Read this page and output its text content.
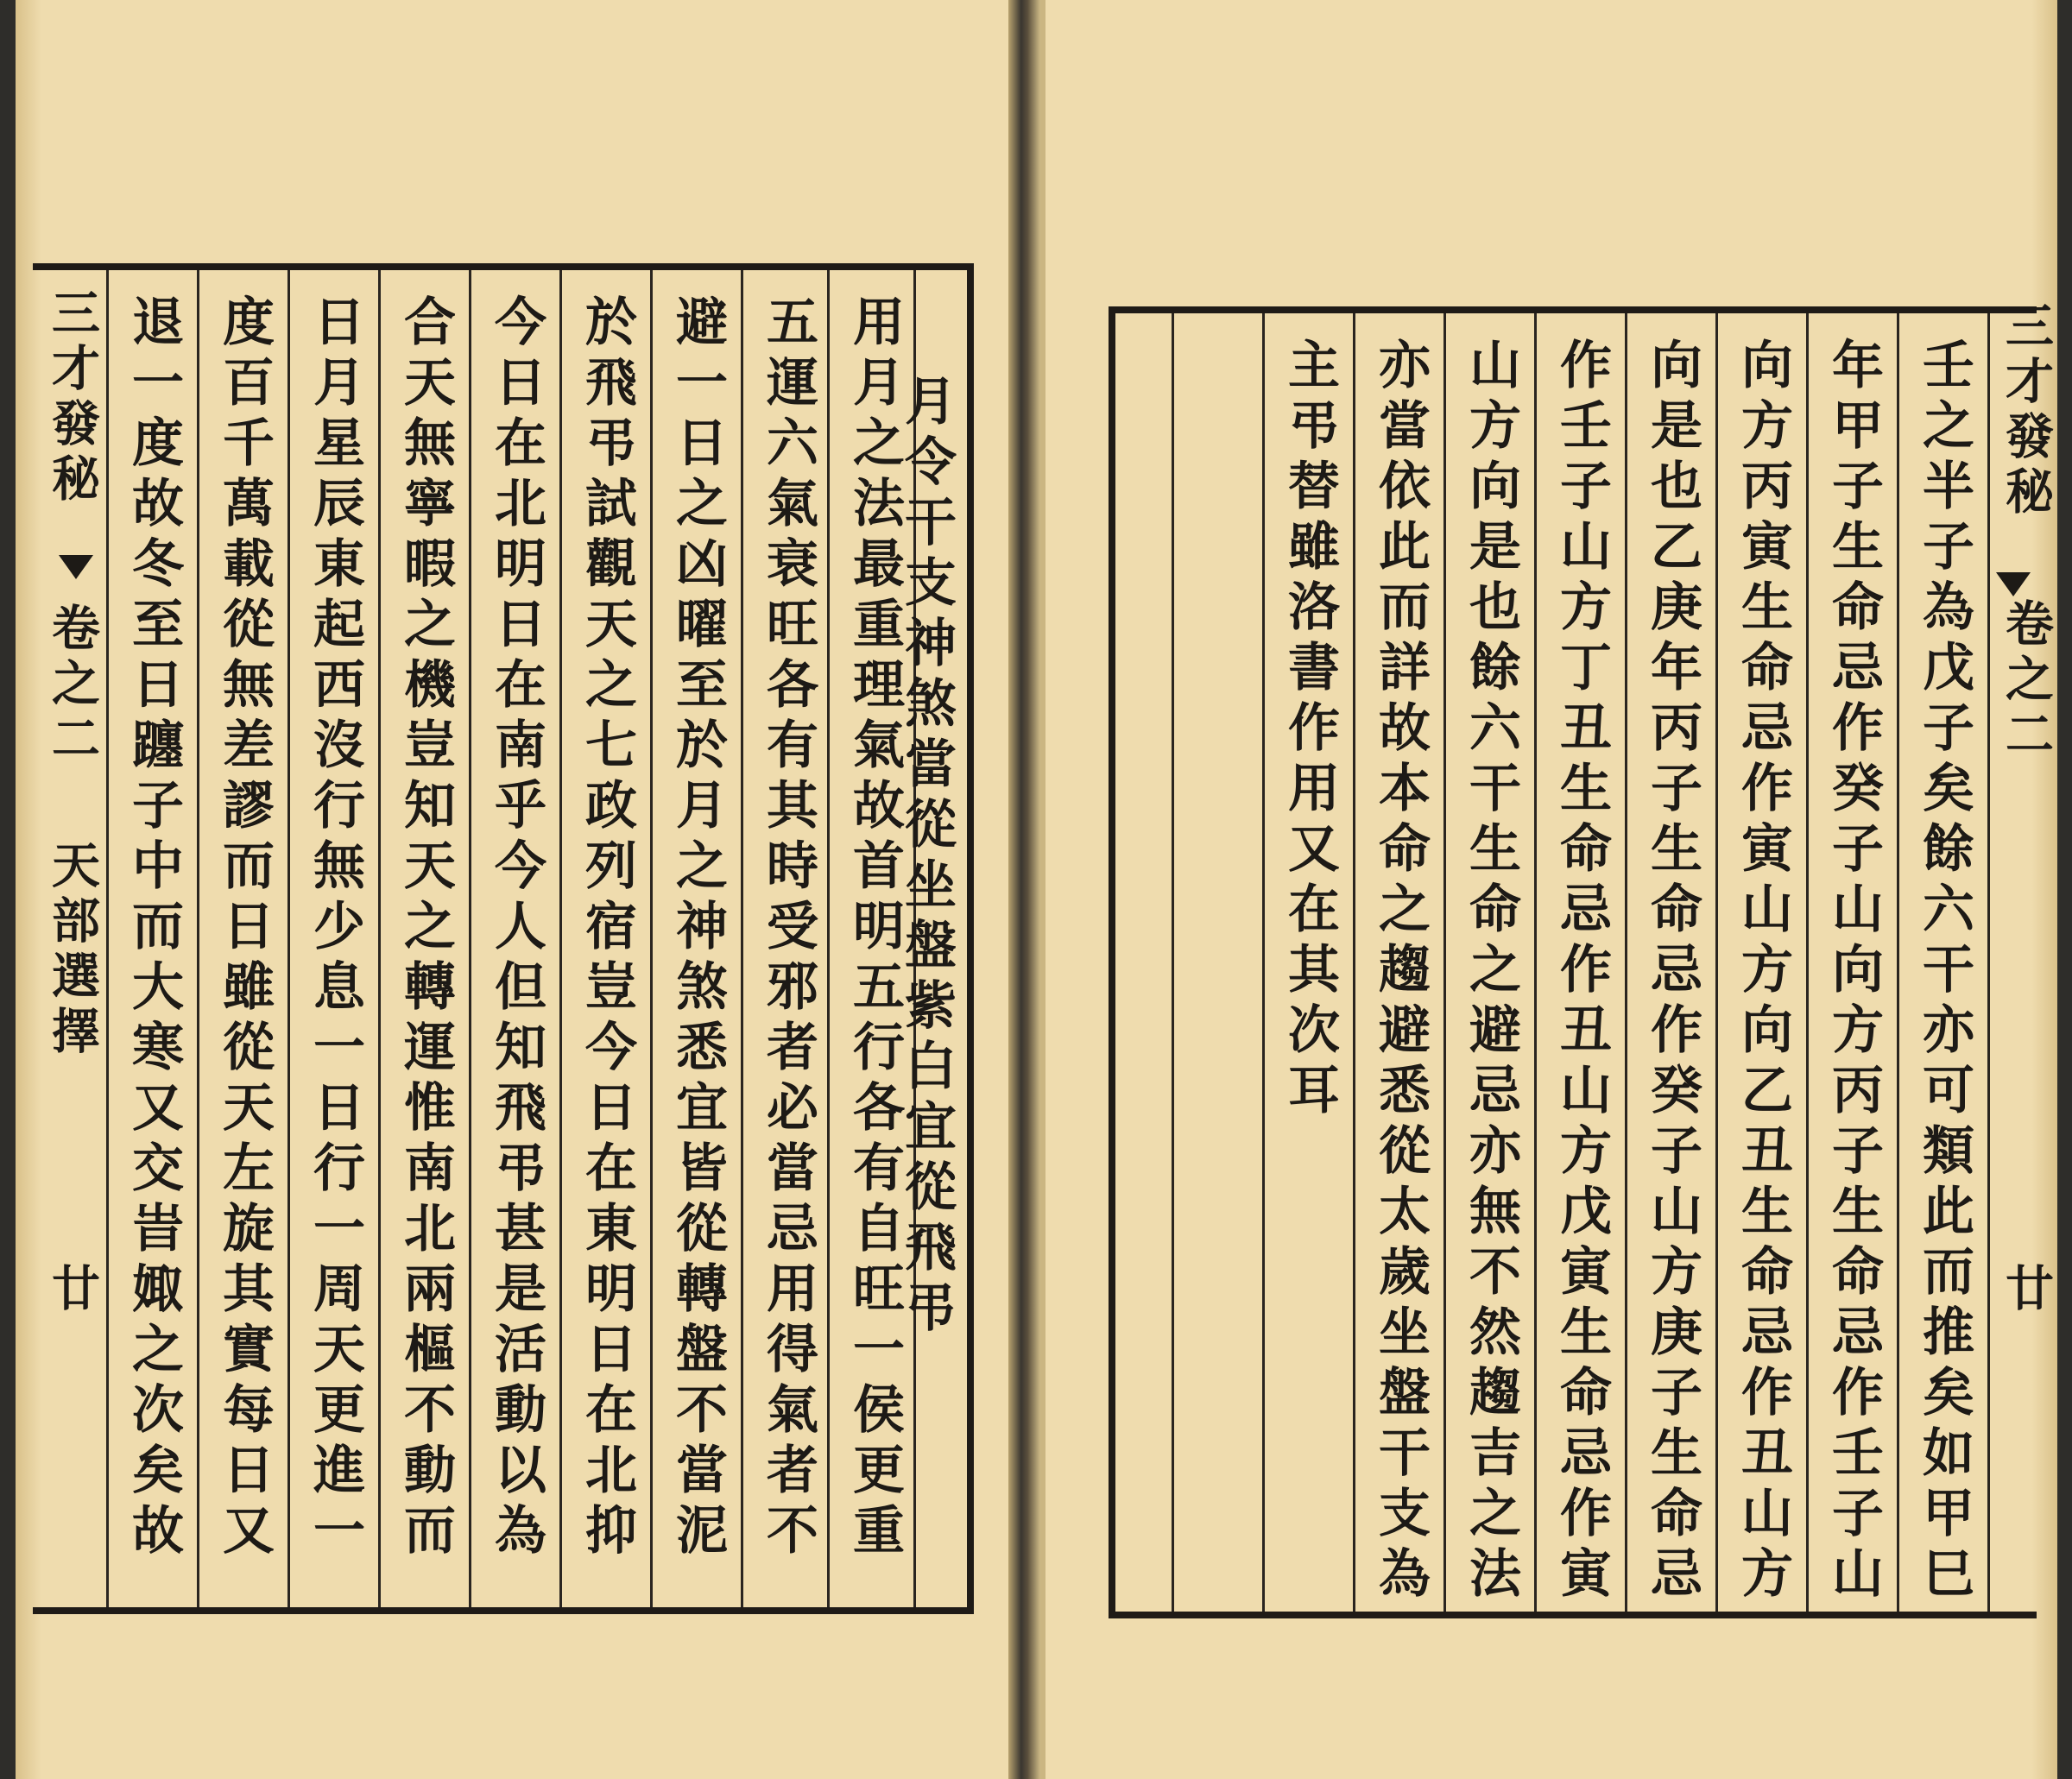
三才發秘
卷之二
天部選擇
廿 退一度故冬至日躔子中而大寒又交旹娵之次矣故 度百千萬載從無差謬而日雖從天左旋其實每日又 日月星辰東起西沒行無少息一日行一周天更進一 合天無寧暇之機豈知天之轉運惟南北兩樞不動而 今日在北明日在南乎今人但知飛弔甚是活動以為 於飛弔試觀天之七政列宿豈今日在東明日在北抑 避一日之凶曜至於月之神煞悉宜皆從轉盤不當泥 五運六氣衰旺各有其時受邪者必當忌用得氣者不 用月之法最重理氣故首明五行各有自旺一侯更重
月令干支神煞當從坐盤紫白宜從飛弔	主弔替雖洛書作用又在其次耳 亦當依此而詳故本命之趨避悉從太歲坐盤干支為 山方向是也餘六干生命之避忌亦無不然趨吉之法 作壬子山方丁丑生命忌作丑山方戊寅生命忌作寅 向是也乙庚年丙子生命忌作癸子山方庚子生命忌 向方丙寅生命忌作寅山方向乙丑生命忌作丑山方 年甲子生命忌作癸子山向方丙子生命忌作壬子山 壬之半子為戊子矣餘六干亦可類此而推矣如甲巳 三才發秘
卷之二
廿
